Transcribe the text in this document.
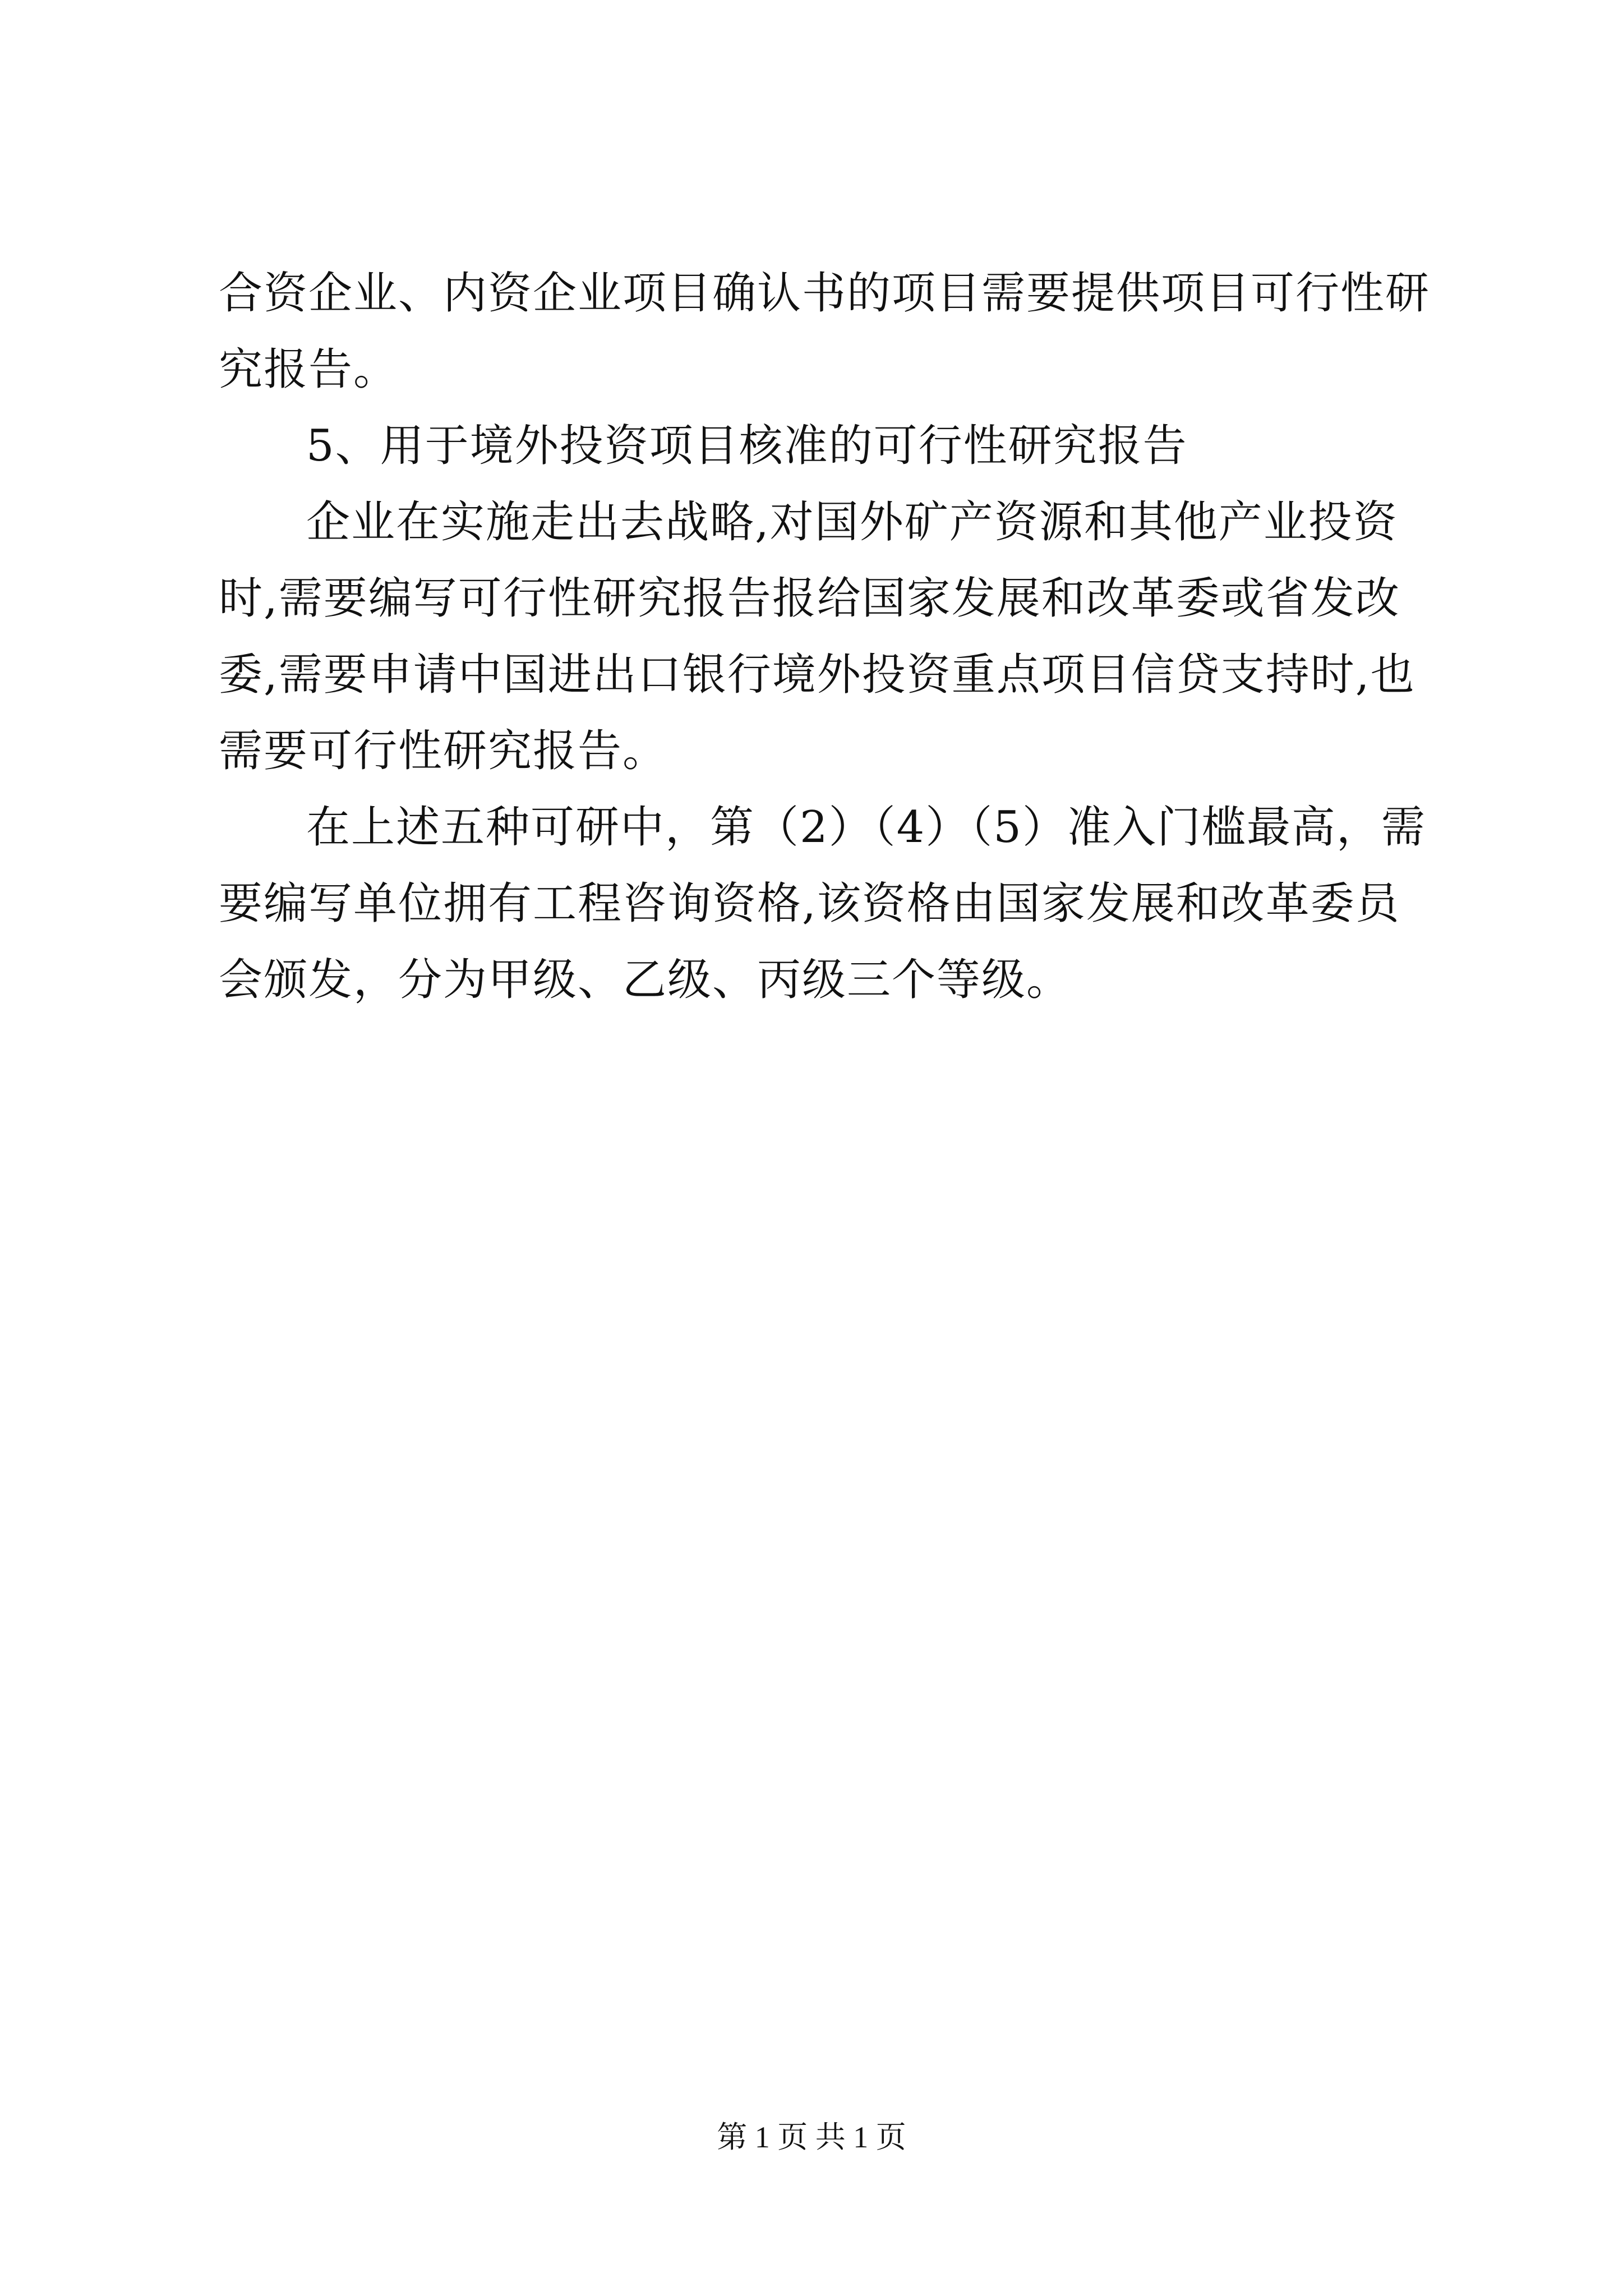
合资企业、内资企业项目确认书的项目需要提供项目可行性研究报告。

5、用于境外投资项目核准的可行性研究报告

企业在实施走出去战略,对国外矿产资源和其他产业投资时,需要编写可行性研究报告报给国家发展和改革委或省发改委,需要申请中国进出口银行境外投资重点项目信贷支持时,也需要可行性研究报告。

在上述五种可研中，第（2）（4）（5）准入门槛最高，需要编写单位拥有工程咨询资格,该资格由国家发展和改革委员会颁发，分为甲级、乙级、丙级三个等级。

第 1 页 共 1 页
